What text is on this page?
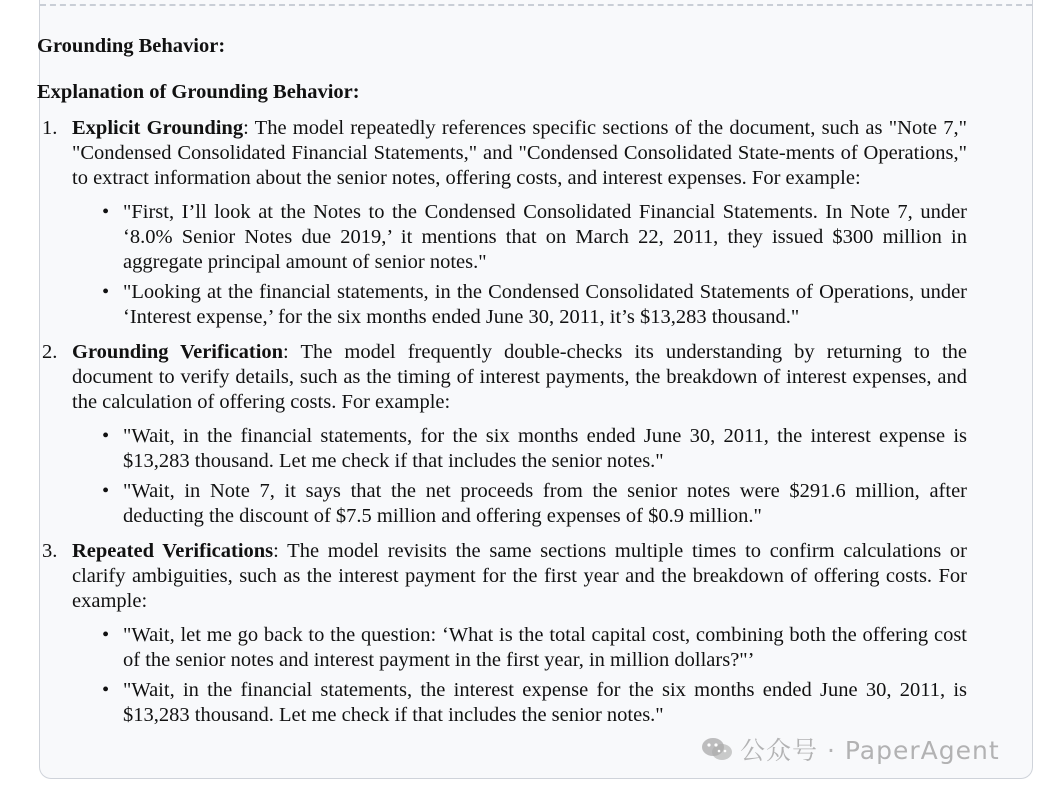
Grounding Behavior:
Explanation of Grounding Behavior:
1. Explicit Grounding: The model repeatedly references specific sections of the document, such as "Note 7," "Condensed Consolidated Financial Statements," and "Condensed Consolidated State-ments of Operations," to extract information about the senior notes, offering costs, and interest expenses. For example:
• "First, I’ll look at the Notes to the Condensed Consolidated Financial Statements. In Note 7, under ‘8.0% Senior Notes due 2019,’ it mentions that on March 22, 2011, they issued $300 million in aggregate principal amount of senior notes."
• "Looking at the financial statements, in the Condensed Consolidated Statements of Operations, under ‘Interest expense,’ for the six months ended June 30, 2011, it’s $13,283 thousand."
2. Grounding Verification: The model frequently double-checks its understanding by returning to the document to verify details, such as the timing of interest payments, the breakdown of interest expenses, and the calculation of offering costs. For example:
• "Wait, in the financial statements, for the six months ended June 30, 2011, the interest expense is $13,283 thousand. Let me check if that includes the senior notes."
• "Wait, in Note 7, it says that the net proceeds from the senior notes were $291.6 million, after deducting the discount of $7.5 million and offering expenses of $0.9 million."
3. Repeated Verifications: The model revisits the same sections multiple times to confirm calculations or clarify ambiguities, such as the interest payment for the first year and the breakdown of offering costs. For example:
• "Wait, let me go back to the question: ‘What is the total capital cost, combining both the offering cost of the senior notes and interest payment in the first year, in million dollars?"’
• "Wait, in the financial statements, the interest expense for the six months ended June 30, 2011, is $13,283 thousand. Let me check if that includes the senior notes."
公众号 · PaperAgent
